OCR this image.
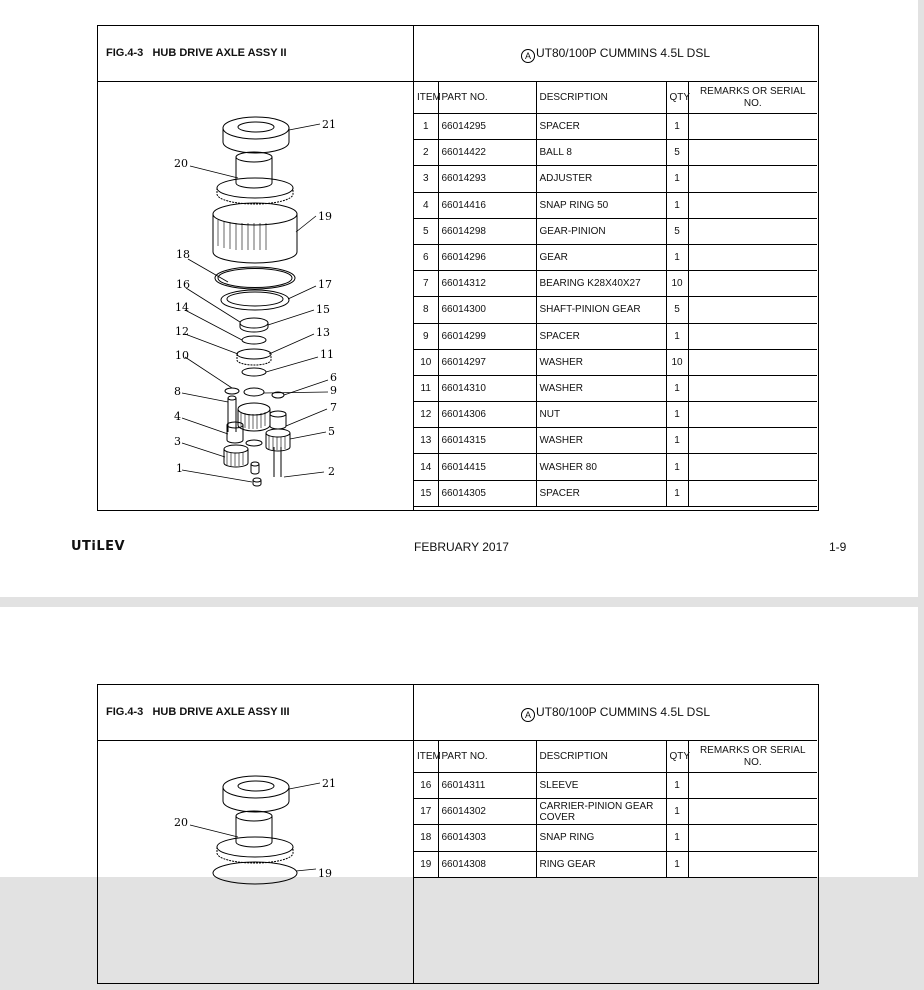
FIG.4-3 HUB DRIVE AXLE ASSY II	A UT80/100P CUMMINS 4.5L DSL
21
20
19
18
17
16
15
14
13
12
11
10
9
8
7
6
5
4
3
2
1
ITEM	PART NO.	DESCRIPTION	QTY	REMARKS OR SERIAL NO.
1	66014295	SPACER	1	
2	66014422	BALL 8	5	
3	66014293	ADJUSTER	1	
4	66014416	SNAP RING 50	1	
5	66014298	GEAR-PINION	5	
6	66014296	GEAR	1	
7	66014312	BEARING K28X40X27	10	
8	66014300	SHAFT-PINION GEAR	5	
9	66014299	SPACER	1	
10	66014297	WASHER	10	
11	66014310	WASHER	1	
12	66014306	NUT	1	
13	66014315	WASHER	1	
14	66014415	WASHER 80	1	
15	66014305	SPACER	1	
UTiLEV	FEBRUARY 2017	1-9
FIG.4-3 HUB DRIVE AXLE ASSY III	A UT80/100P CUMMINS 4.5L DSL
21
20
19
ITEM	PART NO.	DESCRIPTION	QTY	REMARKS OR SERIAL NO.
16	66014311	SLEEVE	1	
17	66014302	CARRIER-PINION GEAR COVER	1	
18	66014303	SNAP RING	1	
19	66014308	RING GEAR	1	
